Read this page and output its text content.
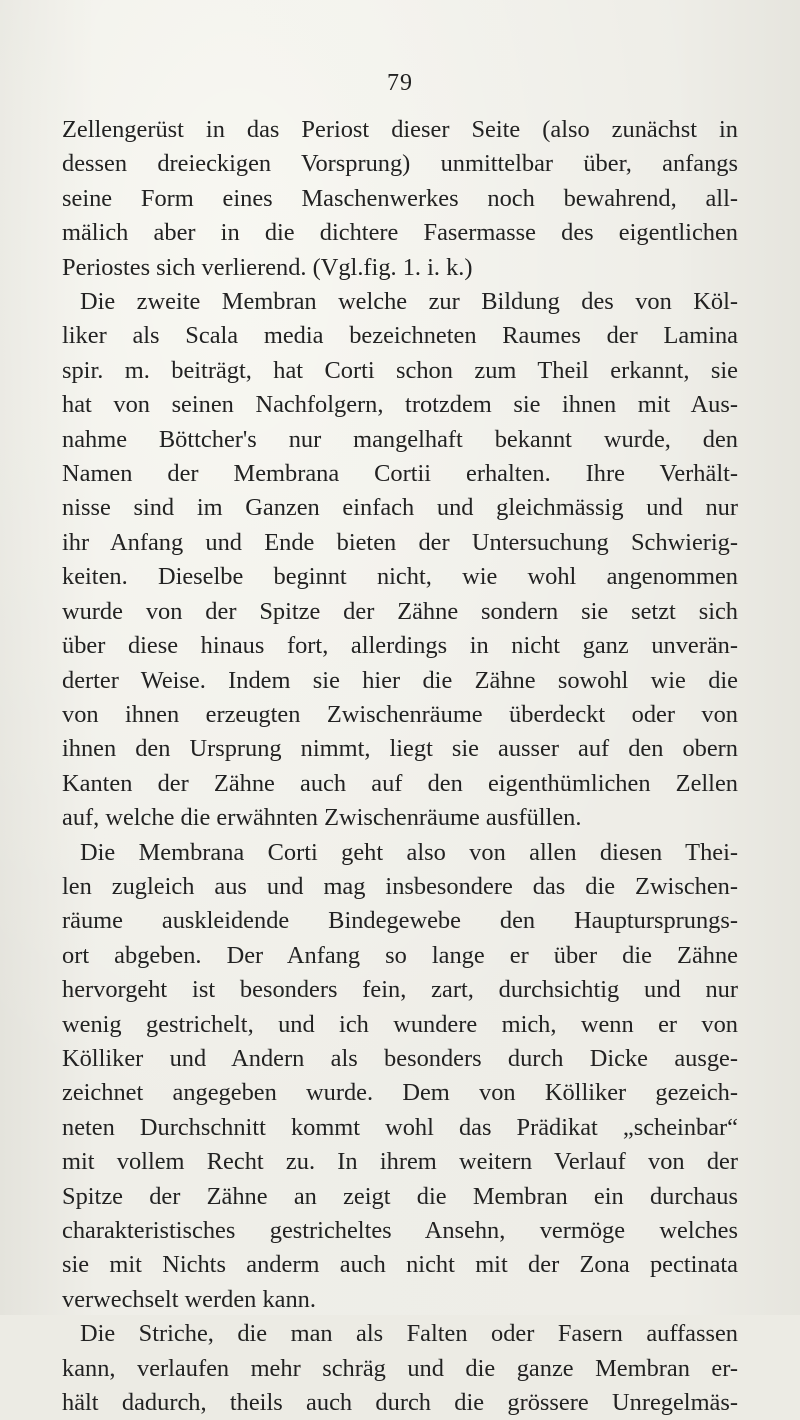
79
Zellengerüst in das Periost dieser Seite (also zunächst in
dessen dreieckigen Vorsprung) unmittelbar über, anfangs
seine Form eines Maschenwerkes noch bewahrend, all-
mälich aber in die dichtere Fasermasse des eigentlichen
Periostes sich verlierend. (Vgl.fig. 1. i. k.)
Die zweite Membran welche zur Bildung des von Köl-
liker als Scala media bezeichneten Raumes der Lamina
spir. m. beiträgt, hat Corti schon zum Theil erkannt, sie
hat von seinen Nachfolgern, trotzdem sie ihnen mit Aus-
nahme Böttcher's nur mangelhaft bekannt wurde, den
Namen der Membrana Cortii erhalten. Ihre Verhält-
nisse sind im Ganzen einfach und gleichmässig und nur
ihr Anfang und Ende bieten der Untersuchung Schwierig-
keiten. Dieselbe beginnt nicht, wie wohl angenommen
wurde von der Spitze der Zähne sondern sie setzt sich
über diese hinaus fort, allerdings in nicht ganz unverän-
derter Weise. Indem sie hier die Zähne sowohl wie die
von ihnen erzeugten Zwischenräume überdeckt oder von
ihnen den Ursprung nimmt, liegt sie ausser auf den obern
Kanten der Zähne auch auf den eigenthümlichen Zellen
auf, welche die erwähnten Zwischenräume ausfüllen.
Die Membrana Corti geht also von allen diesen Thei-
len zugleich aus und mag insbesondere das die Zwischen-
räume auskleidende Bindegewebe den Hauptursprungs-
ort abgeben. Der Anfang so lange er über die Zähne
hervorgeht ist besonders fein, zart, durchsichtig und nur
wenig gestrichelt, und ich wundere mich, wenn er von
Kölliker und Andern als besonders durch Dicke ausge-
zeichnet angegeben wurde. Dem von Kölliker gezeich-
neten Durchschnitt kommt wohl das Prädikat „scheinbar“
mit vollem Recht zu. In ihrem weitern Verlauf von der
Spitze der Zähne an zeigt die Membran ein durchaus
charakteristisches gestricheltes Ansehn, vermöge welches
sie mit Nichts anderm auch nicht mit der Zona pectinata
verwechselt werden kann.
Die Striche, die man als Falten oder Fasern auffassen
kann, verlaufen mehr schräg und die ganze Membran er-
hält dadurch, theils auch durch die grössere Unregelmäs-
